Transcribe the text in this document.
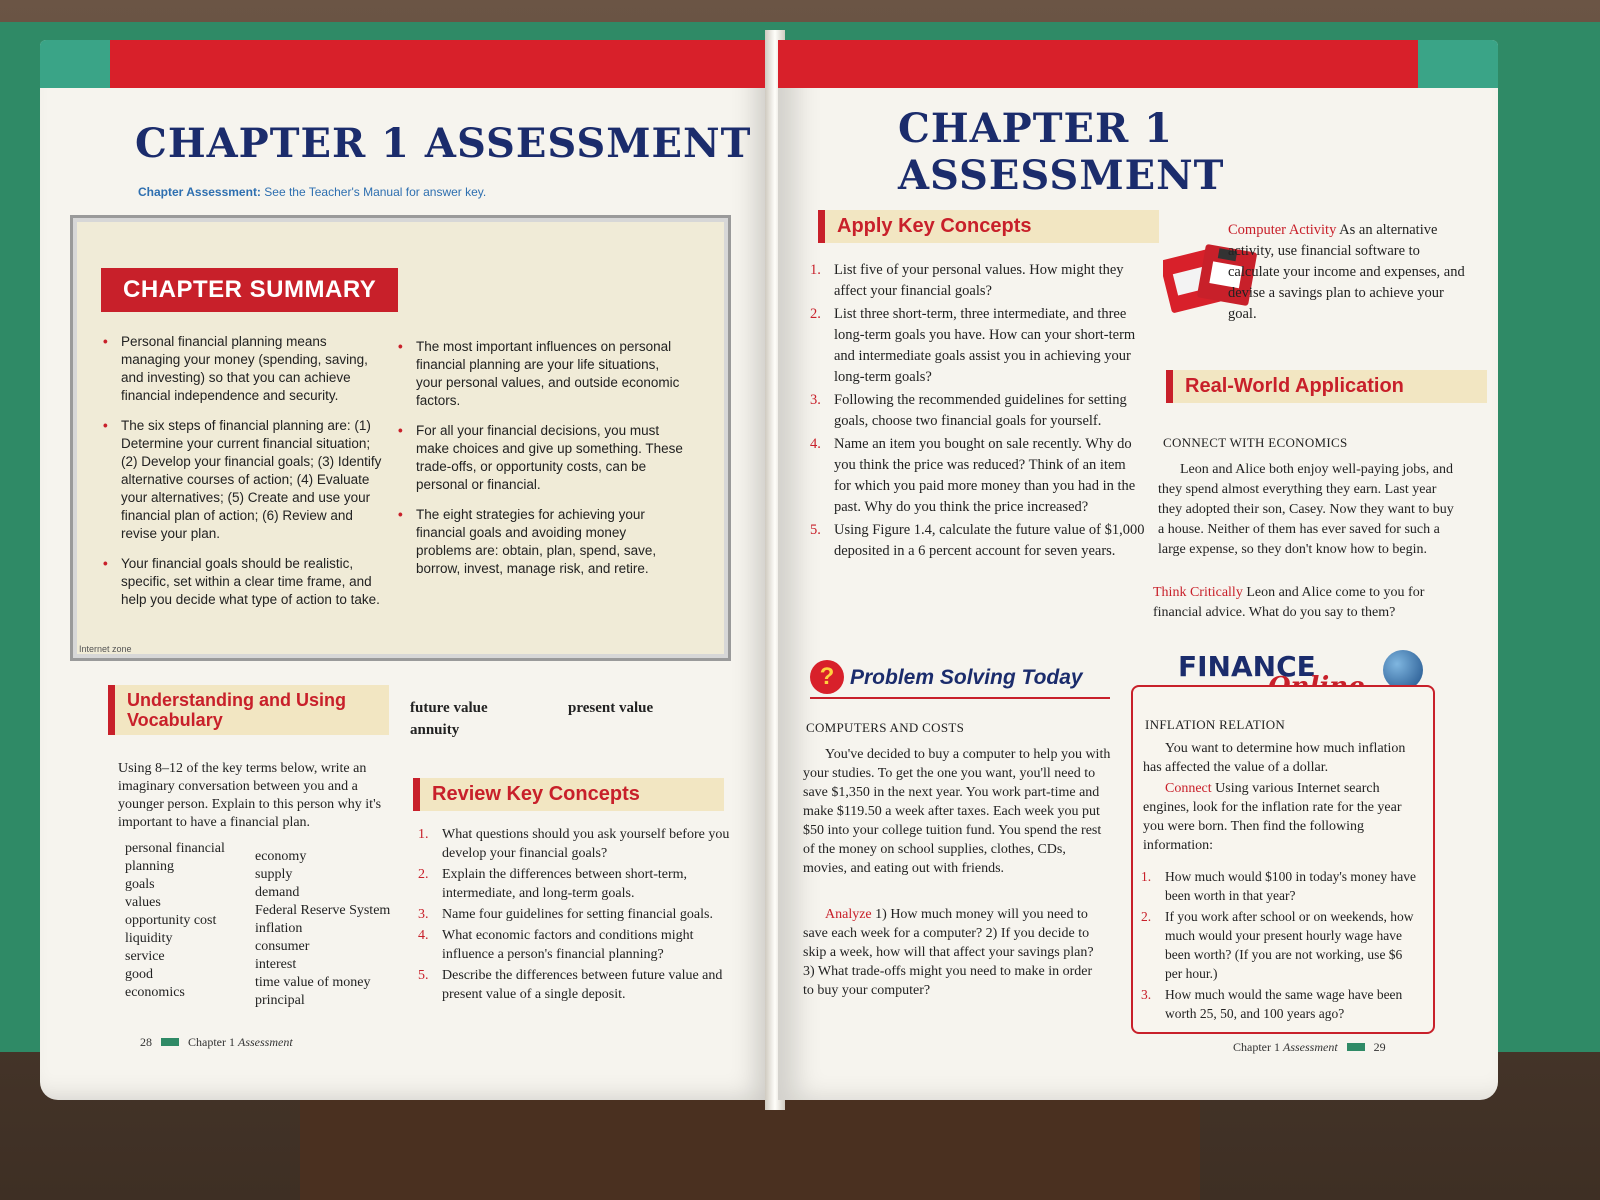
CHAPTER 1 ASSESSMENT
Chapter Assessment: See the Teacher's Manual for answer key.
CHAPTER SUMMARY
• Personal financial planning means managing your money (spending, saving, and investing) so that you can achieve financial independence and security.
• The six steps of financial planning are: (1) Determine your current financial situation; (2) Develop your financial goals; (3) Identify alternative courses of action; (4) Evaluate your alternatives; (5) Create and use your financial plan of action; (6) Review and revise your plan.
• Your financial goals should be realistic, specific, set within a clear time frame, and help you decide what type of action to take.
• The most important influences on personal financial planning are your life situations, your personal values, and outside economic factors.
• For all your financial decisions, you must make choices and give up something. These trade-offs, or opportunity costs, can be personal or financial.
• The eight strategies for achieving your financial goals and avoiding money problems are: obtain, plan, spend, save, borrow, invest, manage risk, and retire.
Internet zone
Understanding and Using Vocabulary
future value
annuity
present value
Using 8–12 of the key terms below, write an imaginary conversation between you and a younger person. Explain to this person why it's important to have a financial plan.
personal financial planning
goals
values
opportunity cost
liquidity
service
good
economics
economy
supply
demand
Federal Reserve System
inflation
consumer
interest
time value of money
principal
Review Key Concepts
1. What questions should you ask yourself before you develop your financial goals?
2. Explain the differences between short-term, intermediate, and long-term goals.
3. Name four guidelines for setting financial goals.
4. What economic factors and conditions might influence a person's financial planning?
5. Describe the differences between future value and present value of a single deposit.
28	Chapter 1 Assessment
CHAPTER 1 ASSESSMENT
Apply Key Concepts
1. List five of your personal values. How might they affect your financial goals?
2. List three short-term, three intermediate, and three long-term goals you have. How can your short-term and intermediate goals assist you in achieving your long-term goals?
3. Following the recommended guidelines for setting goals, choose two financial goals for yourself.
4. Name an item you bought on sale recently. Why do you think the price was reduced? Think of an item for which you paid more money than you had in the past. Why do you think the price increased?
5. Using Figure 1.4, calculate the future value of $1,000 deposited in a 6 percent account for seven years.
Computer Activity As an alternative activity, use financial software to calculate your income and expenses, and devise a savings plan to achieve your goal.
Real-World Application
CONNECT WITH ECONOMICS
Leon and Alice both enjoy well-paying jobs, and they spend almost everything they earn. Last year they adopted their son, Casey. Now they want to buy a house. Neither of them has ever saved for such a large expense, so they don't know how to begin.
Think Critically Leon and Alice come to you for financial advice. What do you say to them?
? Problem Solving Today
COMPUTERS AND COSTS
You've decided to buy a computer to help you with your studies. To get the one you want, you'll need to save $1,350 in the next year. You work part-time and make $119.50 a week after taxes. Each week you put $50 into your college tuition fund. You spend the rest of the money on school supplies, clothes, CDs, movies, and eating out with friends.
Analyze 1) How much money will you need to save each week for a computer? 2) If you decide to skip a week, how will that affect your savings plan? 3) What trade-offs might you need to make in order to buy your computer?
FINANCE
INFLATION RELATION
You want to determine how much inflation has affected the value of a dollar.
Connect Using various Internet search engines, look for the inflation rate for the year you were born. Then find the following information:
1. How much would $100 in today's money have been worth in that year?
2. If you work after school or on weekends, how much would your present hourly wage have been worth? (If you are not working, use $6 per hour.)
3. How much would the same wage have been worth 25, 50, and 100 years ago?
Chapter 1 Assessment	29
